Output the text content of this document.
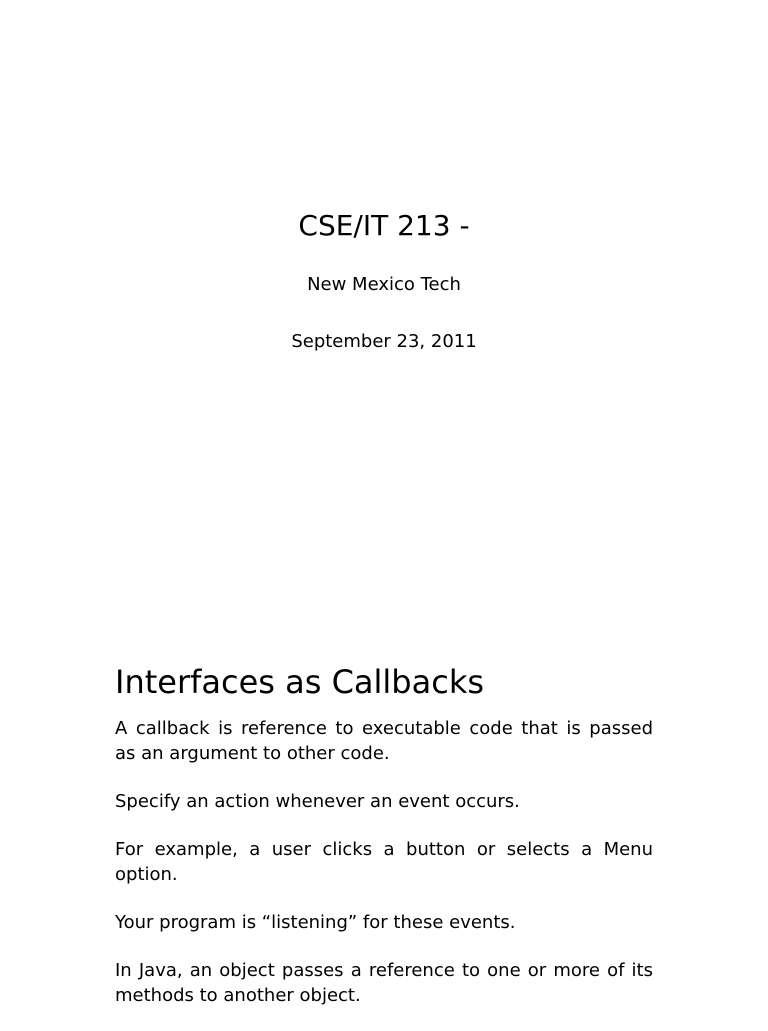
CSE/IT 213 -
New Mexico Tech
September 23, 2011
Interfaces as Callbacks

A callback is reference to executable code that is passed as an argument to other code.

Specify an action whenever an event occurs.

For example, a user clicks a button or selects a Menu option.

Your program is “listening” for these events.

In Java, an object passes a reference to one or more of its methods to another object.
